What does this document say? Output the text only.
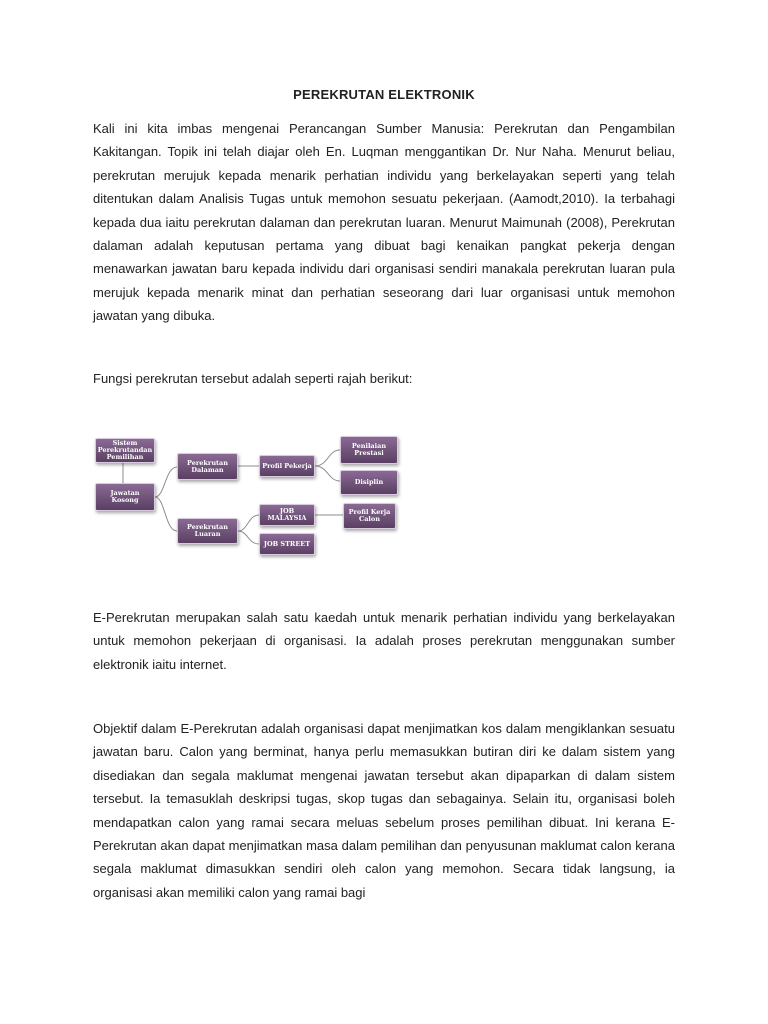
PEREKRUTAN ELEKTRONIK

Kali ini kita imbas mengenai Perancangan Sumber Manusia: Perekrutan dan Pengambilan Kakitangan. Topik ini telah diajar oleh En. Luqman menggantikan Dr. Nur Naha. Menurut beliau, perekrutan merujuk kepada menarik perhatian individu yang berkelayakan seperti yang telah ditentukan dalam Analisis Tugas untuk memohon sesuatu pekerjaan. (Aamodt,2010). Ia terbahagi kepada dua iaitu perekrutan dalaman dan perekrutan luaran. Menurut Maimunah (2008), Perekrutan dalaman adalah keputusan pertama yang dibuat bagi kenaikan pangkat pekerja dengan menawarkan jawatan baru kepada individu dari organisasi sendiri manakala perekrutan luaran pula merujuk kepada menarik minat dan perhatian seseorang dari luar organisasi untuk memohon jawatan yang dibuka.

Fungsi perekrutan tersebut adalah seperti rajah berikut:

Sistem Perekrutandan Pemilihan
Jawatan Kosong
Perekrutan Dalaman
Perekrutan Luaran
Profil Pekerja
Penilaian Prestasi
Disiplin
JOB MALAYSIA
JOB STREET
Profil Kerja Calon

E-Perekrutan merupakan salah satu kaedah untuk menarik perhatian individu yang berkelayakan untuk memohon pekerjaan di organisasi. Ia adalah proses perekrutan menggunakan sumber elektronik iaitu internet.

Objektif dalam E-Perekrutan adalah organisasi dapat menjimatkan kos dalam mengiklankan sesuatu jawatan baru. Calon yang berminat, hanya perlu memasukkan butiran diri ke dalam sistem yang disediakan dan segala maklumat mengenai jawatan tersebut akan dipaparkan di dalam sistem tersebut. Ia temasuklah deskripsi tugas, skop tugas dan sebagainya. Selain itu, organisasi boleh mendapatkan calon yang ramai secara meluas sebelum proses pemilihan dibuat. Ini kerana E-Perekrutan akan dapat menjimatkan masa dalam pemilihan dan penyusunan maklumat calon kerana segala maklumat dimasukkan sendiri oleh calon yang memohon. Secara tidak langsung, ia organisasi akan memiliki calon yang ramai bagi
